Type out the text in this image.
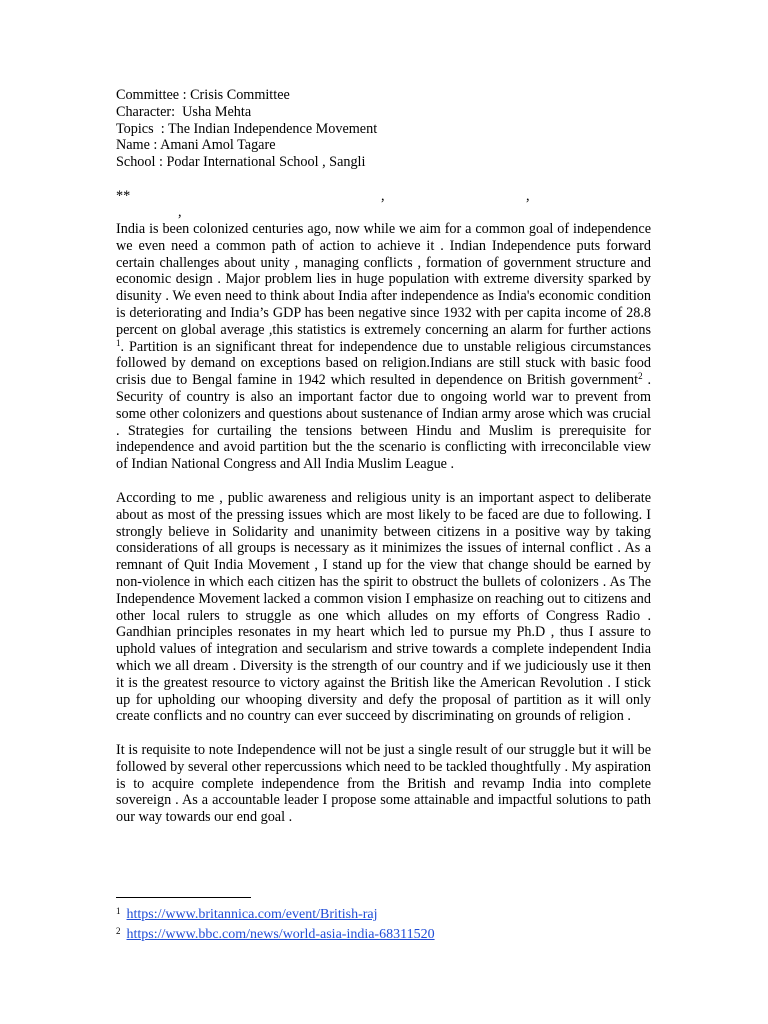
Committee : Crisis Committee
Character:  Usha Mehta
Topics  : The Indian Independence Movement
Name : Amani Amol Tagare
School : Podar International School , Sangli
**	,	,
,

India is been colonized centuries ago, now while we aim for a common goal of independence we even need a common path of action to achieve it . Indian Independence puts forward certain challenges about unity , managing conflicts , formation of government structure and economic design . Major problem lies in huge population with extreme diversity sparked by disunity . We even need to think about India after independence as India's economic condition is deteriorating and India’s GDP has been negative since 1932 with per capita income of 28.8 percent on global average ,this statistics is extremely concerning an alarm for further actions $^1$. Partition is an significant threat for independence due to unstable religious circumstances followed by demand on exceptions based on religion.Indians are still stuck with basic food crisis due to Bengal famine in 1942 which resulted in dependence on British government$^2$ . Security of country is also an important factor due to ongoing world war to prevent from some other colonizers and questions about sustenance of Indian army arose which was crucial . Strategies for curtailing the tensions between Hindu and Muslim is prerequisite for independence and avoid partition but the the scenario is conflicting with irreconcilable view of Indian National Congress and All India Muslim League .

According to me , public awareness and religious unity is an important aspect to deliberate about as most of the pressing issues which are most likely to be faced are due to following. I strongly believe in Solidarity and unanimity between citizens in a positive way by taking considerations of all groups is necessary as it minimizes the issues of internal conflict . As a remnant of Quit India Movement , I stand up for the view that change should be earned by non-violence in which each citizen has the spirit to obstruct the bullets of colonizers . As The Independence Movement lacked a common vision I emphasize on reaching out to citizens and other local rulers to struggle as one which alludes on my efforts of Congress Radio . Gandhian principles resonates in my heart which led to pursue my Ph.D , thus I assure to uphold values of integration and secularism and strive towards a complete independent India which we all dream . Diversity is the strength of our country and if we judiciously use it then it is the greatest resource to victory against the British like the American Revolution . I stick up for upholding our whooping diversity and defy the proposal of partition as it will only create conflicts and no country can ever succeed by discriminating on grounds of religion .

It is requisite to note Independence will not be just a single result of our struggle but it will be followed by several other repercussions which need to be tackled thoughtfully . My aspiration is to acquire complete independence from the British and revamp India into complete sovereign . As a accountable leader I propose some attainable and impactful solutions to path our way towards our end goal .

$^1$ https://www.britannica.com/event/British-raj
$^2$ https://www.bbc.com/news/world-asia-india-68311520
